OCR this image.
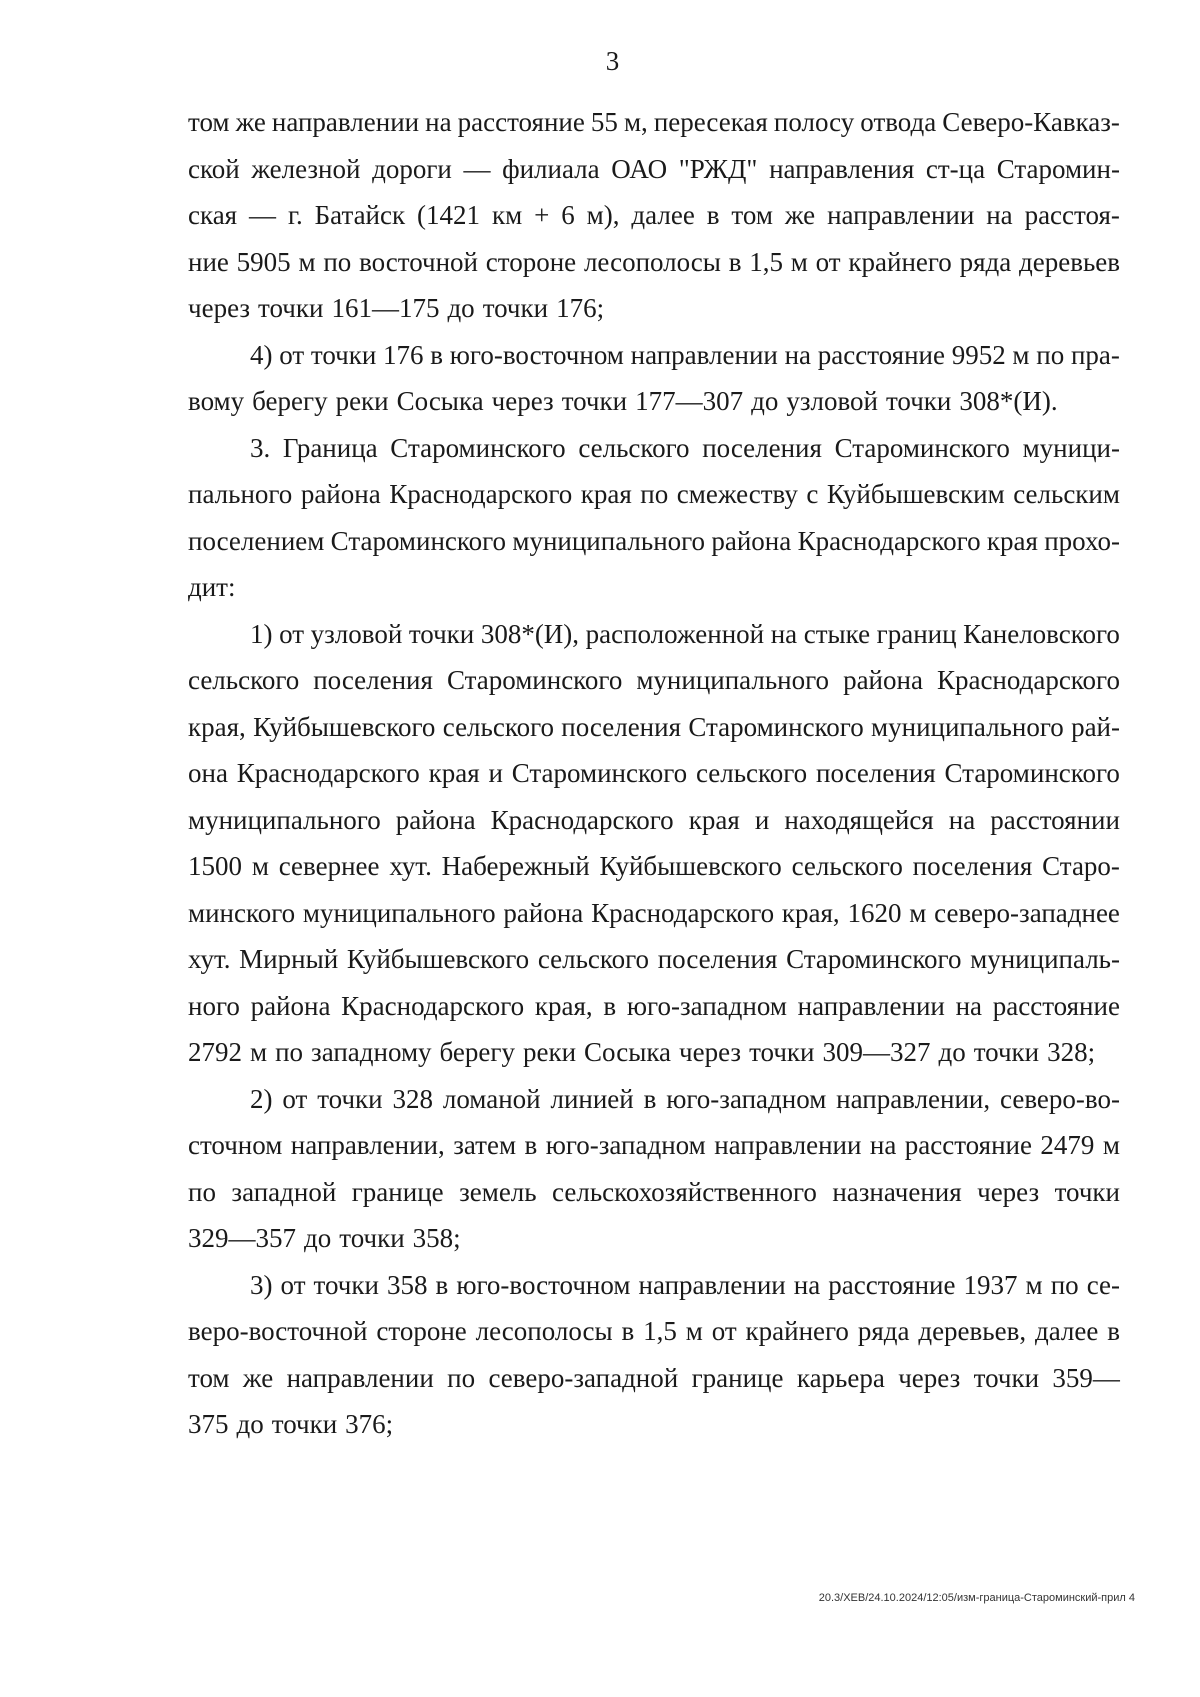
3
том же направлении на расстояние 55 м, пересекая полосу отвода Северо-Кавказ-
ской железной дороги — филиала ОАО "РЖД" направления ст-ца Старомин-
ская — г. Батайск (1421 км + 6 м), далее в том же направлении на расстоя-
ние 5905 м по восточной стороне лесополосы в 1,5 м от крайнего ряда деревьев
через точки 161—175 до точки 176;
4) от точки 176 в юго-восточном направлении на расстояние 9952 м по пра-
вому берегу реки Сосыка через точки 177—307 до узловой точки 308*(И).
3. Граница Староминского сельского поселения Староминского муници-
пального района Краснодарского края по смежеству с Куйбышевским сельским
поселением Староминского муниципального района Краснодарского края прохо-
дит:
1) от узловой точки 308*(И), расположенной на стыке границ Канеловского
сельского поселения Староминского муниципального района Краснодарского
края, Куйбышевского сельского поселения Староминского муниципального рай-
она Краснодарского края и Староминского сельского поселения Староминского
муниципального района Краснодарского края и находящейся на расстоянии
1500 м севернее хут. Набережный Куйбышевского сельского поселения Старо-
минского муниципального района Краснодарского края, 1620 м северо-западнее
хут. Мирный Куйбышевского сельского поселения Староминского муниципаль-
ного района Краснодарского края, в юго-западном направлении на расстояние
2792 м по западному берегу реки Сосыка через точки 309—327 до точки 328;
2) от точки 328 ломаной линией в юго-западном направлении, северо-во-
сточном направлении, затем в юго-западном направлении на расстояние 2479 м
по западной границе земель сельскохозяйственного назначения через точки
329—357 до точки 358;
3) от точки 358 в юго-восточном направлении на расстояние 1937 м по се-
веро-восточной стороне лесополосы в 1,5 м от крайнего ряда деревьев, далее в
том же направлении по северо-западной границе карьера через точки 359—
375 до точки 376;
20.3/ХЕВ/24.10.2024/12:05/изм-граница-Староминский-прил 4
